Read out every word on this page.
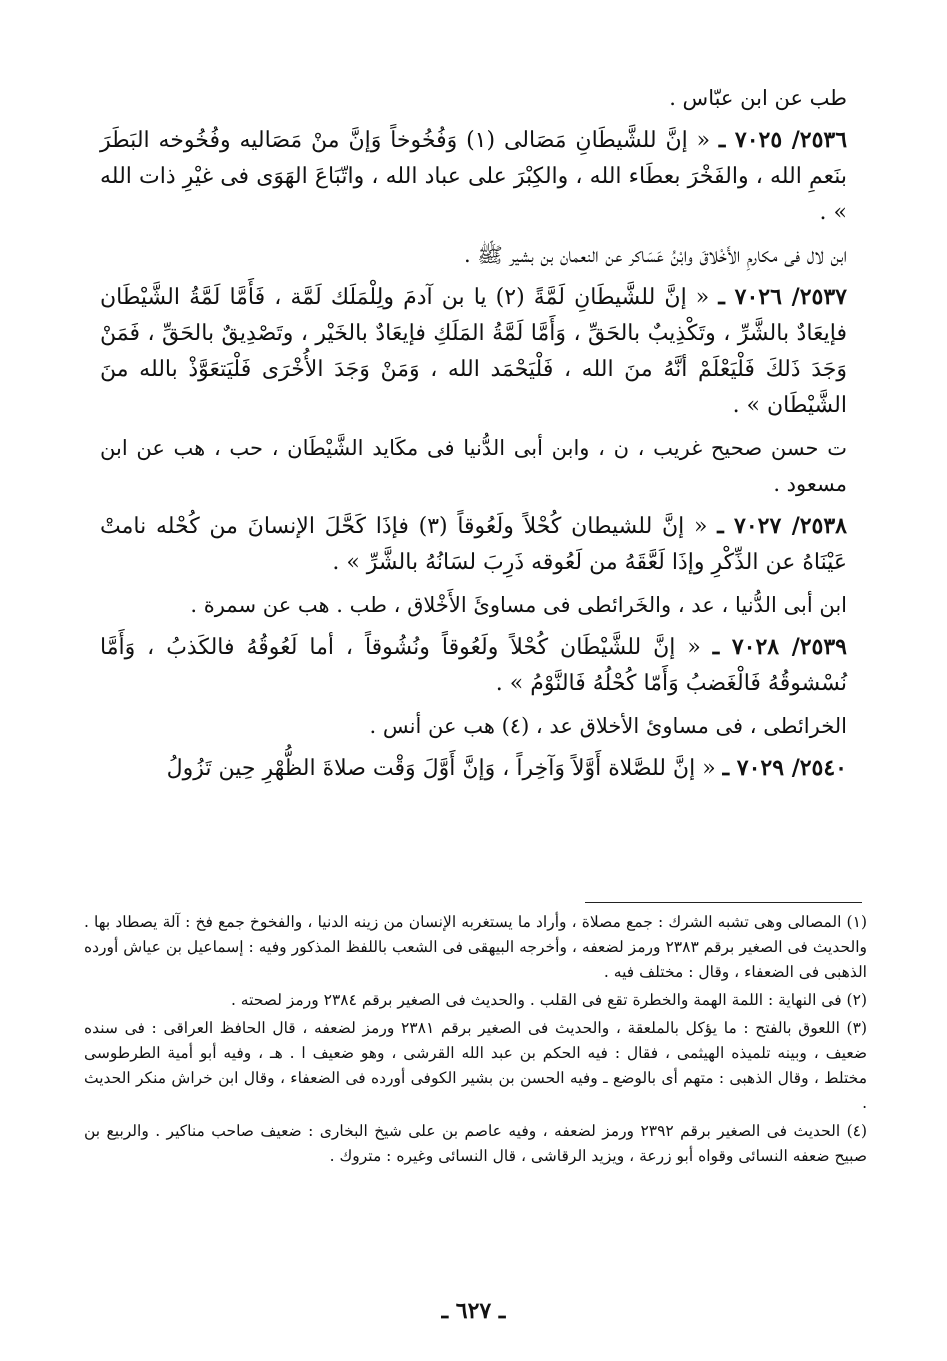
طب عن ابن عبّاس .

٢٥٣٦/ ٧٠٢٥ ـ « إنَّ للشَّيطَانِ مَصَالى (١) وَفُخُوخاً وَإنَّ منْ مَصَاليه وفُخُوخه البَطَرَ بنَعمِ الله ، والفَخْرَ بعطَاء الله ، والكِبْرَ على عباد الله ، واتّبَاعَ الهَوَى فى غيْرِ ذات الله » .

ابن لال فى مكارمِ الأَخْلاقَ وابْنُ عَسَاكر عن النعمان بن بشير ﷺ .

٢٥٣٧/ ٧٠٢٦ ـ « إنَّ للشَّيطَانِ لَمَّةً (٢) يا بن آدمَ ولِلْمَلَك لَمَّة ، فَأَمَّا لَمَّةُ الشَّيْطَان فإيعَادٌ بالشَّرِّ ، وتَكْذِيبٌ بالحَقِّ ، وَأَمَّا لَمَّةُ المَلَكِ فإيعَادٌ بالخَيْر ، وتَصْدِيقٌ بالحَقِّ ، فَمَنْ وَجَدَ ذَلكَ فَلْيَعْلَمْ أنَّهُ منَ الله ، فَلْيَحْمَد الله ، وَمَنْ وَجَدَ الأُخْرَى فَلْيَتعَوَّذْ بالله منَ الشَّيْطَان » .

ت حسن صحيح غريب ، ن ، وابن أبى الدُّنيا فى مكَايد الشَّيْطَان ، حب ، هب عن ابن مسعود .

٢٥٣٨/ ٧٠٢٧ ـ « إنَّ للشيطان كُحْلاً ولَعُوقاً (٣) فإذَا كَحَّلَ الإنسانَ من كُحْله نامتْ عَيْنَاهُ عن الذِّكْرِ وإذَا لَعَّقَهُ من لَعُوقه ذَرِبَ لسَانُهُ بالشَّرِّ » .

ابن أبى الدُّنيا ، عد ، والخَرائطى فى مساوئَ الأَخْلاق ، طب . هب عن سمرة .

٢٥٣٩/ ٧٠٢٨ ـ « إنَّ للشَّيْطَان كُحْلاً ولَعُوقاً ونُشُوقاً ، أما لَعُوقُهُ فالكَذبُ ، وَأَمَّا نُسْشوقُهُ فَالْغَضبُ وَأَمّا كُحْلُهُ فَالنَّوْمُ » .

الخرائطى ، فى مساوئ الأخلاق عد ، (٤) هب عن أنس .

٢٥٤٠/ ٧٠٢٩ ـ « إنَّ للصَّلاة أَوَّلاً وَآخِراً ، وَإنَّ أَوَّلَ وَقْت صلاةَ الظُّهْرِ حِين تَزُولُ

(١) المصالى وهى تشبه الشرك : جمع مصلاة ، وأراد ما يستغربه الإنسان من زينه الدنيا ، والفخوخ جمع فخ : آلة يصطاد بها . والحديث فى الصغير برقم ٢٣٨٣ ورمز لضعفه ، وأخرجه البيهقى فى الشعب باللفظ المذكور وفيه : إسماعيل بن عياش أورده الذهبى فى الضعفاء ، وقال : مختلف فيه .

(٢) فى النهاية : اللمة الهمة والخطرة تقع فى القلب . والحديث فى الصغير برقم ٢٣٨٤ ورمز لصحته .

(٣) اللعوق بالفتح : ما يؤكل بالملعقة ، والحديث فى الصغير برقم ٢٣٨١ ورمز لضعفه ، قال الحافظ العراقى : فى سنده ضعيف ، وبينه تلميذه الهيثمى ، فقال : فيه الحكم بن عبد الله القرشى ، وهو ضعيف ا . هـ ، وفيه أبو أمية الطرطوسى مختلط ، وقال الذهبى : متهم أى بالوضع ـ وفيه الحسن بن بشير الكوفى أورده فى الضعفاء ، وقال ابن خراش منكر الحديث .

(٤) الحديث فى الصغير برقم ٢٣٩٢ ورمز لضعفه ، وفيه عاصم بن على شيخ البخارى : ضعيف صاحب مناكير . والربيع بن صبيح ضعفه النسائى وقواه أبو زرعة ، ويزيد الرقاشى ، قال النسائى وغيره : متروك .

ـ ٦٢٧ ـ
